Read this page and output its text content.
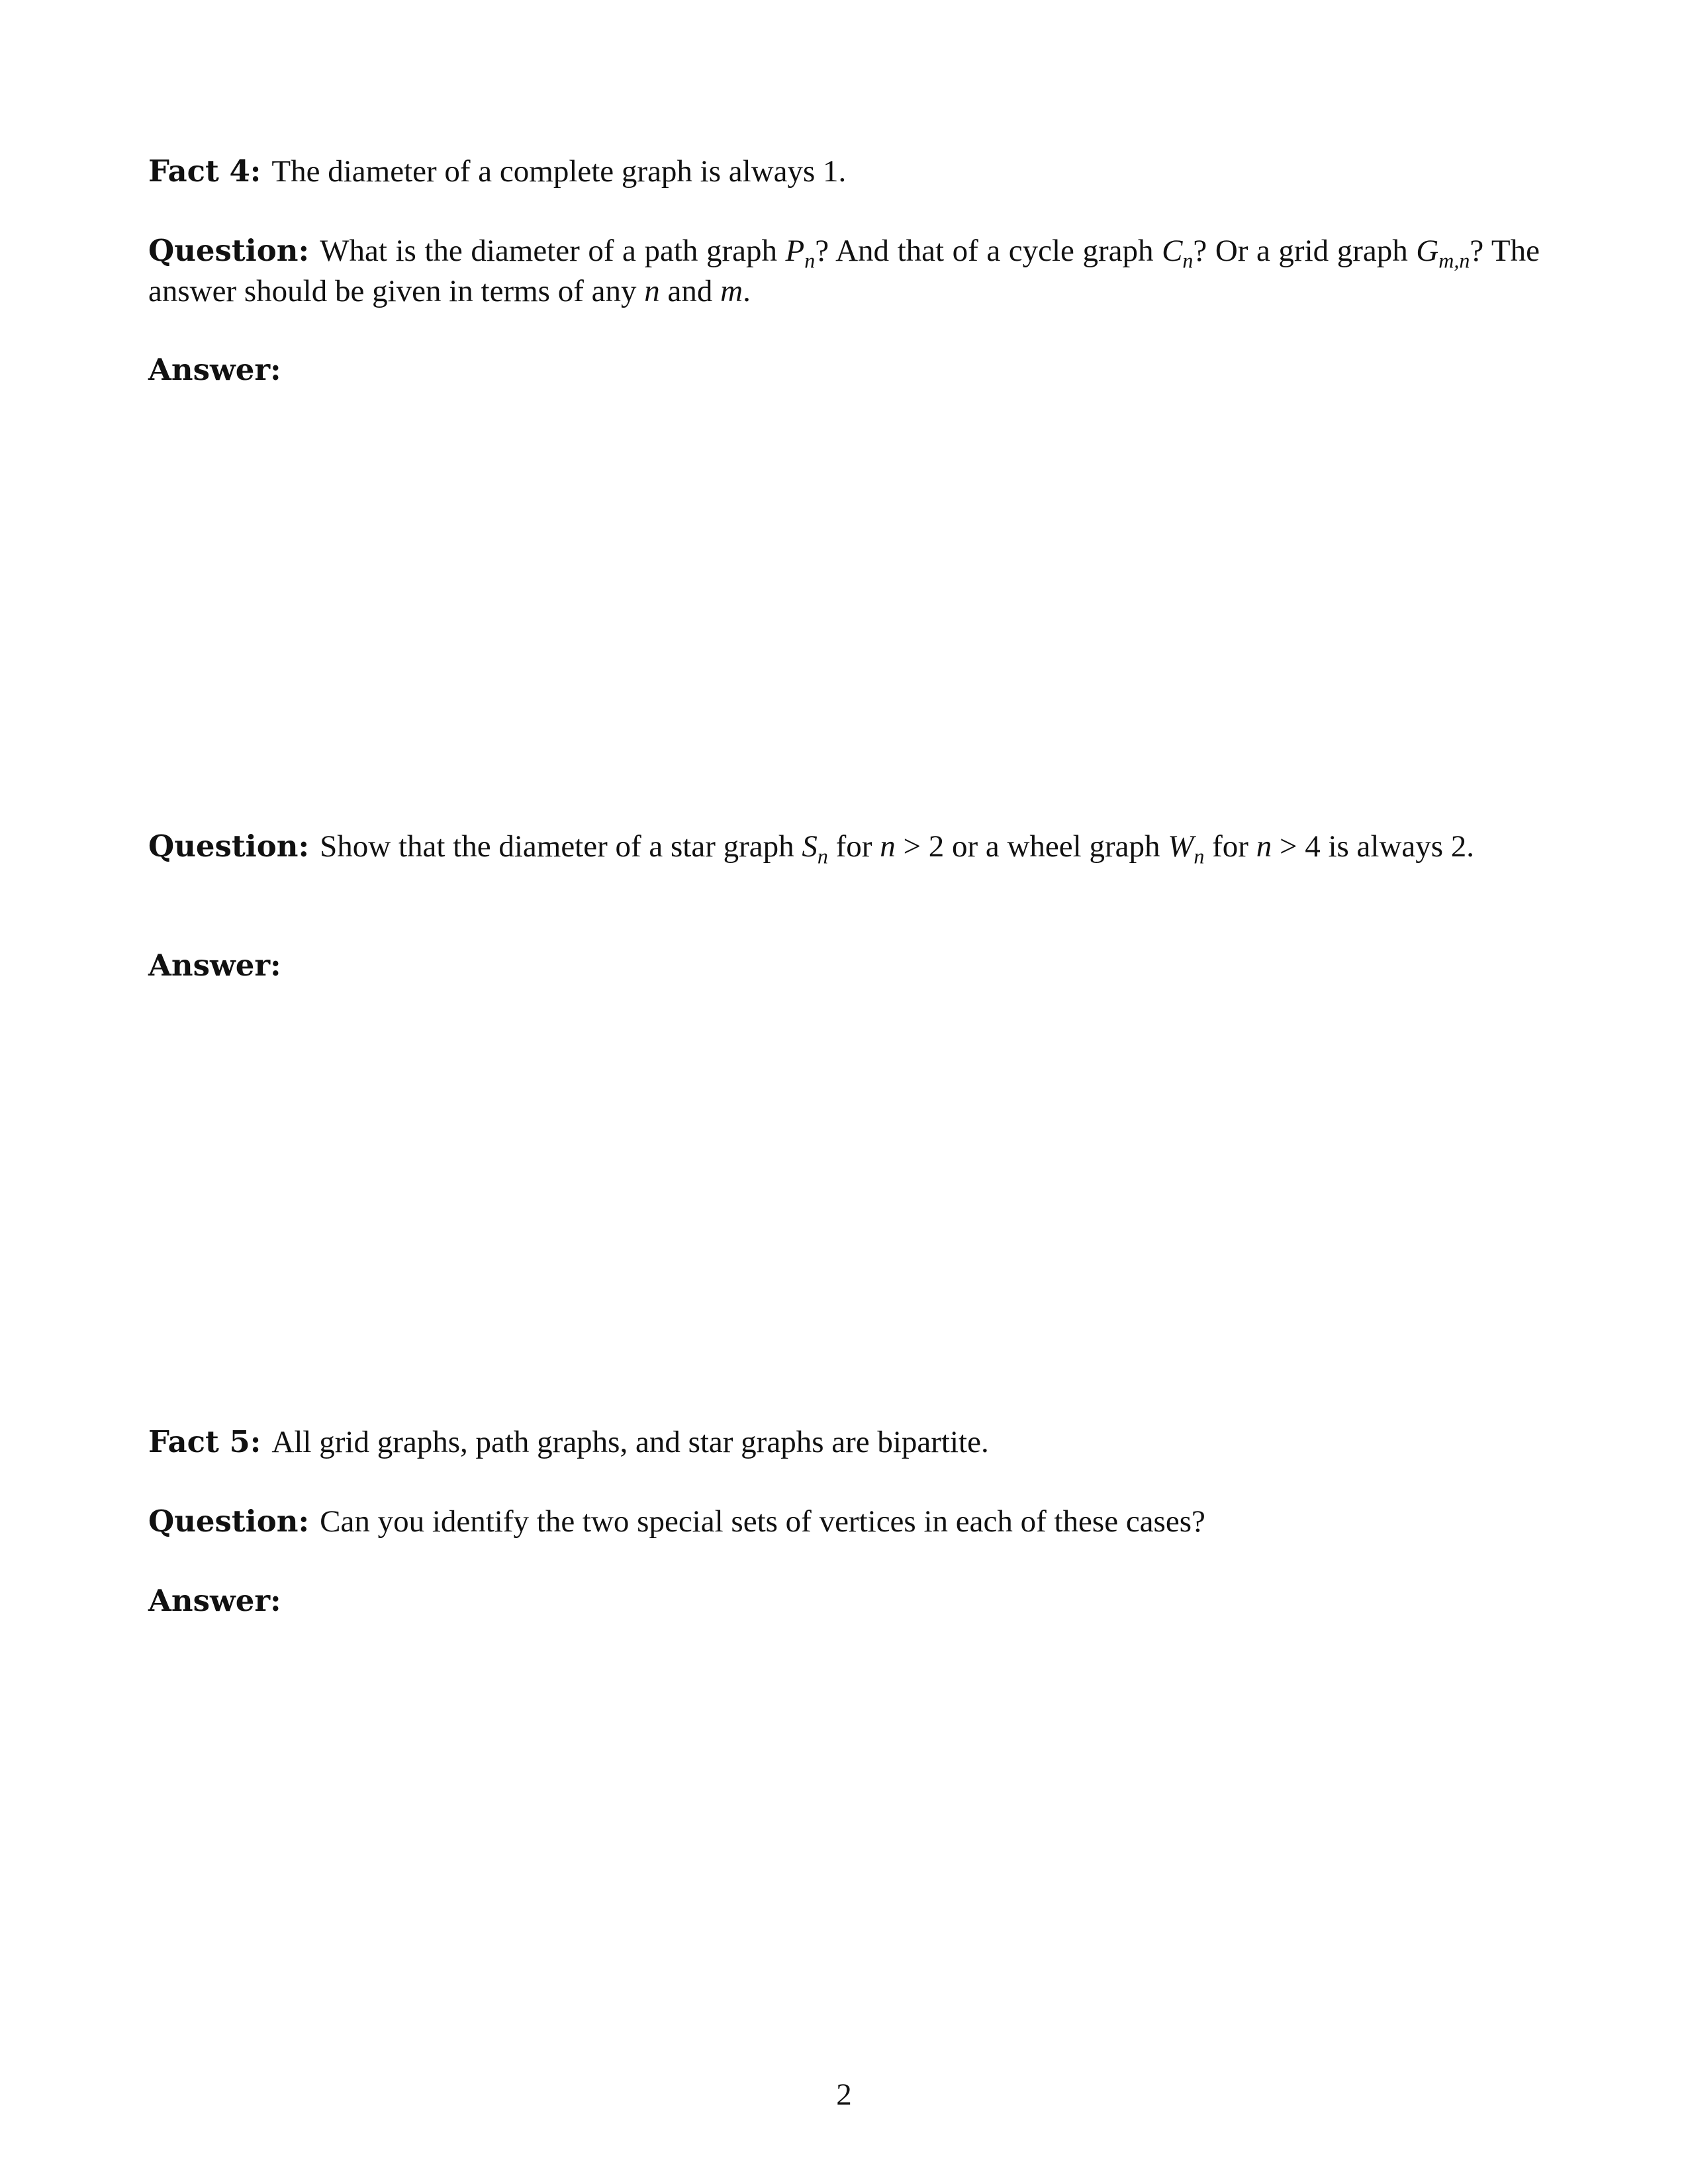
Fact 4: The diameter of a complete graph is always 1.
Question: What is the diameter of a path graph $P_n$? And that of a cycle graph $C_n$? Or a grid graph $G_{m,n}$? The answer should be given in terms of any n and m.
Answer:
Question: Show that the diameter of a star graph $S_n$ for n > 2 or a wheel graph $W_n$ for n > 4 is always 2.
Answer:
Fact 5: All grid graphs, path graphs, and star graphs are bipartite.
Question: Can you identify the two special sets of vertices in each of these cases?
Answer:
2
